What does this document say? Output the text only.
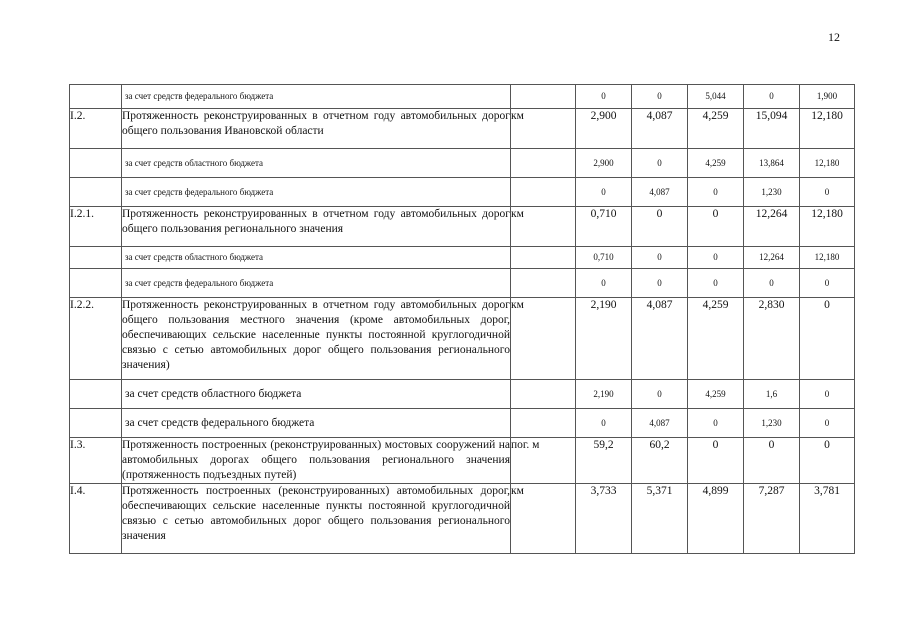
12
	за счет средств федерального бюджета		0	0	5,044	0	1,900
I.2.	Протяженность реконструированных в отчетном году автомобильных дорог общего пользования Ивановской области	км	2,900	4,087	4,259	15,094	12,180
	за счет средств областного бюджета		2,900	0	4,259	13,864	12,180
	за счет средств федерального бюджета		0	4,087	0	1,230	0
I.2.1.	Протяженность реконструированных в отчетном году автомобильных дорог общего пользования регионального значения	км	0,710	0	0	12,264	12,180
	за счет средств областного бюджета		0,710	0	0	12,264	12,180
	за счет средств федерального бюджета		0	0	0	0	0
I.2.2.	Протяженность реконструированных в отчетном году автомобильных дорог общего пользования местного значения (кроме автомобильных дорог, обеспечивающих сельские населенные пункты постоянной круглогодичной связью с сетью автомобильных дорог общего пользования регионального значения)	км	2,190	4,087	4,259	2,830	0
	за счет средств областного бюджета		2,190	0	4,259	1,6	0
	за счет средств федерального бюджета		0	4,087	0	1,230	0
I.3.	Протяженность построенных (реконструированных) мостовых сооружений на автомобильных дорогах общего пользования регионального значения (протяженность подъездных путей)	пог. м	59,2	60,2	0	0	0
I.4.	Протяженность построенных (реконструированных) автомобильных дорог, обеспечивающих сельские населенные пункты постоянной круглогодичной связью с сетью автомобильных дорог общего пользования регионального значения	км	3,733	5,371	4,899	7,287	3,781
